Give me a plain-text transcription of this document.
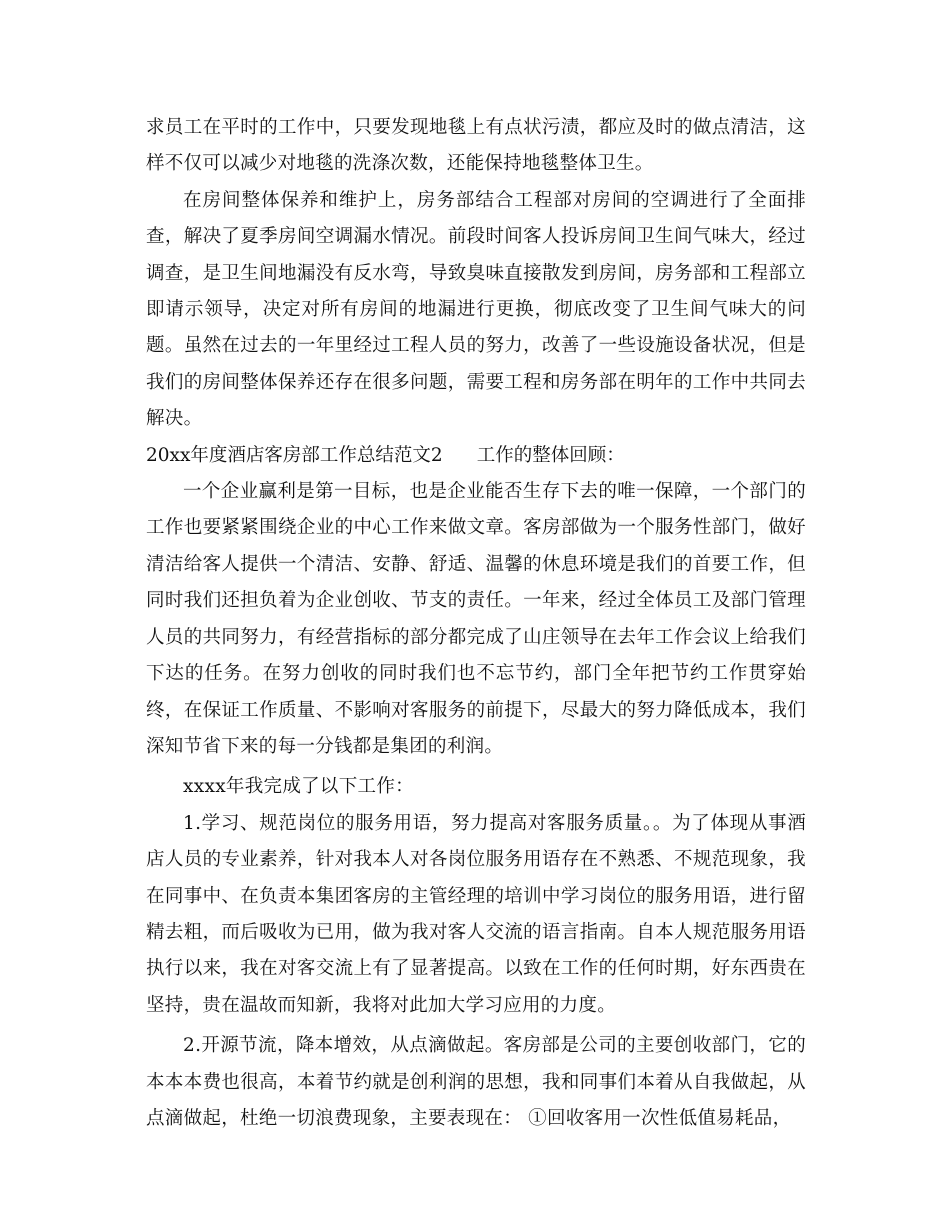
求员工在平时的工作中，只要发现地毯上有点状污渍，都应及时的做点清洁，这样不仅可以减少对地毯的洗涤次数，还能保持地毯整体卫生。

在房间整体保养和维护上，房务部结合工程部对房间的空调进行了全面排查，解决了夏季房间空调漏水情况。前段时间客人投诉房间卫生间气味大，经过调查，是卫生间地漏没有反水弯，导致臭味直接散发到房间，房务部和工程部立即请示领导，决定对所有房间的地漏进行更换，彻底改变了卫生间气味大的问题。虽然在过去的一年里经过工程人员的努力，改善了一些设施设备状况，但是我们的房间整体保养还存在很多问题，需要工程和房务部在明年的工作中共同去解决。

20xx年度酒店客房部工作总结范文2 工作的整体回顾：

一个企业赢利是第一目标，也是企业能否生存下去的唯一保障，一个部门的工作也要紧紧围绕企业的中心工作来做文章。客房部做为一个服务性部门，做好清洁给客人提供一个清洁、安静、舒适、温馨的休息环境是我们的首要工作，但同时我们还担负着为企业创收、节支的责任。一年来，经过全体员工及部门管理人员的共同努力，有经营指标的部分都完成了山庄领导在去年工作会议上给我们下达的任务。在努力创收的同时我们也不忘节约，部门全年把节约工作贯穿始终，在保证工作质量、不影响对客服务的前提下，尽最大的努力降低成本，我们深知节省下来的每一分钱都是集团的利润。

xxxx年我完成了以下工作：

1.学习、规范岗位的服务用语，努力提高对客服务质量。。为了体现从事酒店人员的专业素养，针对我本人对各岗位服务用语存在不熟悉、不规范现象，我在同事中、在负责本集团客房的主管经理的培训中学习岗位的服务用语，进行留精去粗，而后吸收为已用，做为我对客人交流的语言指南。自本人规范服务用语执行以来，我在对客交流上有了显著提高。以致在工作的任何时期，好东西贵在坚持，贵在温故而知新，我将对此加大学习应用的力度。

2.开源节流，降本增效，从点滴做起。客房部是公司的主要创收部门，它的本本本费也很高，本着节约就是创利润的思想，我和同事们本着从自我做起，从点滴做起，杜绝一切浪费现象，主要表现在： ①回收客用一次性低值易耗品，
